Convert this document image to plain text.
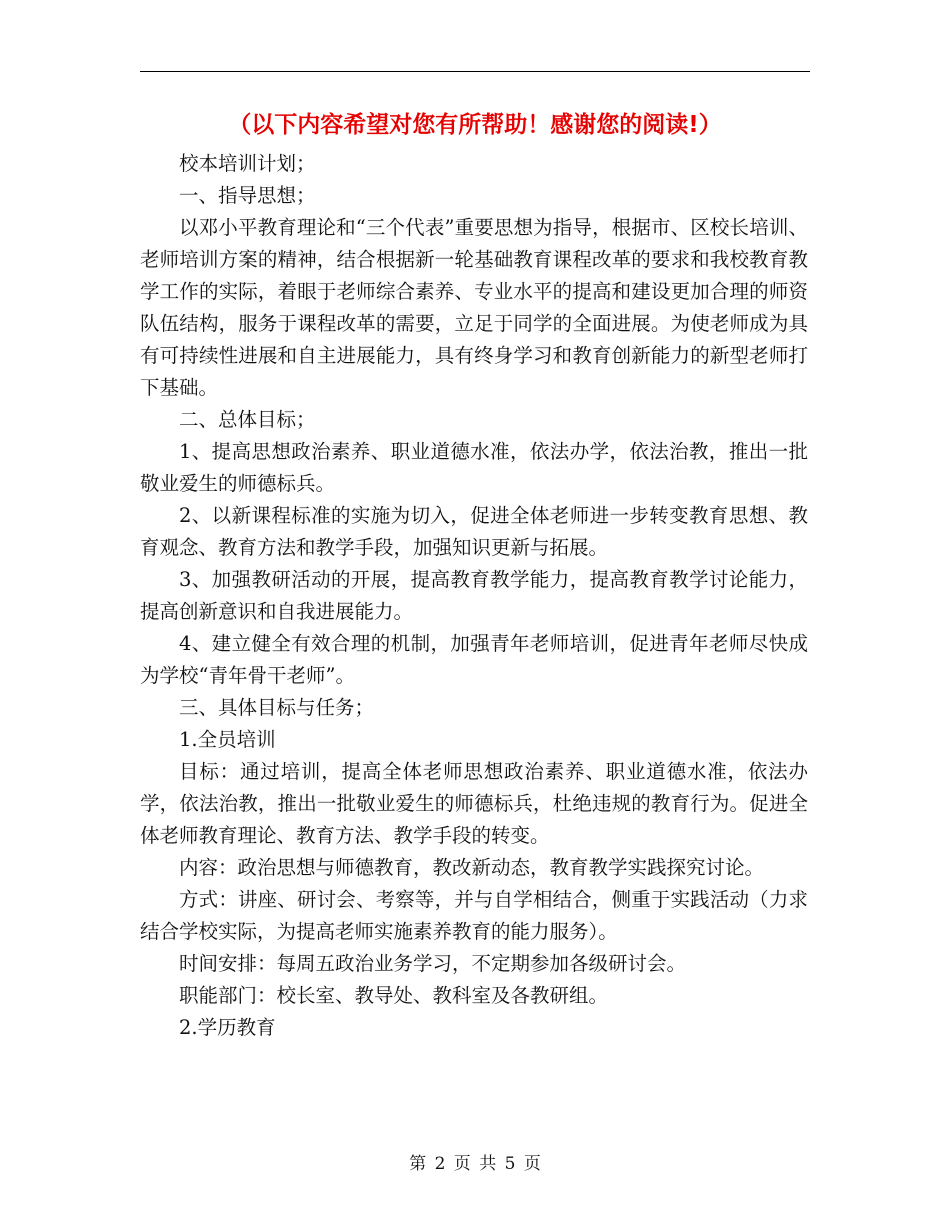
（以下内容希望对您有所帮助！感谢您的阅读!）

校本培训计划；

一、指导思想；

以邓小平教育理论和“三个代表”重要思想为指导，根据市、区校长培训、老师培训方案的精神，结合根据新一轮基础教育课程改革的要求和我校教育教学工作的实际，着眼于老师综合素养、专业水平的提高和建设更加合理的师资队伍结构，服务于课程改革的需要，立足于同学的全面进展。为使老师成为具有可持续性进展和自主进展能力，具有终身学习和教育创新能力的新型老师打下基础。

二、总体目标；

1、提高思想政治素养、职业道德水准，依法办学，依法治教，推出一批敬业爱生的师德标兵。

2、以新课程标准的实施为切入，促进全体老师进一步转变教育思想、教育观念、教育方法和教学手段，加强知识更新与拓展。

3、加强教研活动的开展，提高教育教学能力，提高教育教学讨论能力，提高创新意识和自我进展能力。

4、建立健全有效合理的机制，加强青年老师培训，促进青年老师尽快成为学校“青年骨干老师”。

三、具体目标与任务；

1.全员培训

目标：通过培训，提高全体老师思想政治素养、职业道德水准，依法办学，依法治教，推出一批敬业爱生的师德标兵，杜绝违规的教育行为。促进全体老师教育理论、教育方法、教学手段的转变。

内容：政治思想与师德教育，教改新动态，教育教学实践探究讨论。

方式：讲座、研讨会、考察等，并与自学相结合，侧重于实践活动（力求结合学校实际，为提高老师实施素养教育的能力服务）。

时间安排：每周五政治业务学习，不定期参加各级研讨会。

职能部门：校长室、教导处、教科室及各教研组。

2.学历教育

第 2 页 共 5 页
